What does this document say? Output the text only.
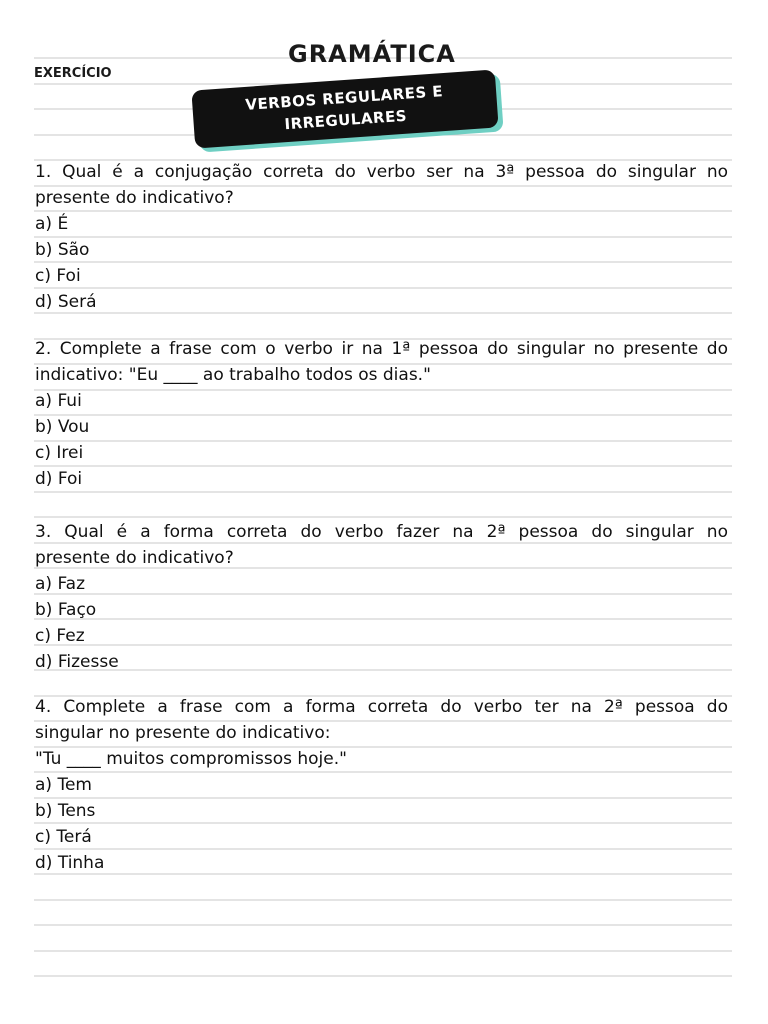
GRAMÁTICA
EXERCÍCIO
VERBOS REGULARES E IRREGULARES
1. Qual é a conjugação correta do verbo ser na 3ª pessoa do singular no
presente do indicativo?
a) É
b) São
c) Foi
d) Será
2. Complete a frase com o verbo ir na 1ª pessoa do singular no presente do
indicativo: "Eu ____ ao trabalho todos os dias."
a) Fui
b) Vou
c) Irei
d) Foi
3. Qual é a forma correta do verbo fazer na 2ª pessoa do singular no
presente do indicativo?
a) Faz
b) Faço
c) Fez
d) Fizesse
4. Complete a frase com a forma correta do verbo ter na 2ª pessoa do
singular no presente do indicativo:
"Tu ____ muitos compromissos hoje."
a) Tem
b) Tens
c) Terá
d) Tinha
